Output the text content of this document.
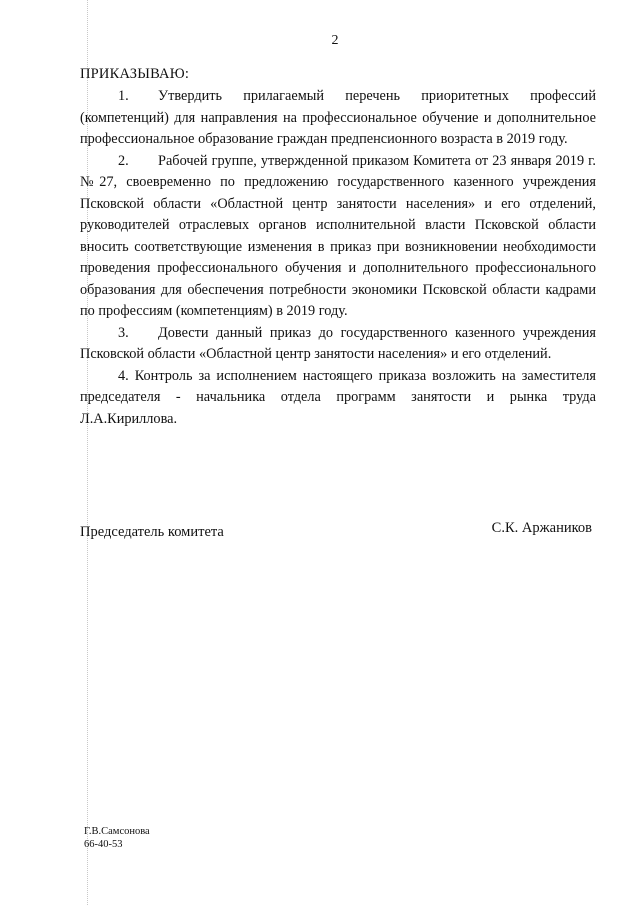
2
ПРИКАЗЫВАЮ:

1. Утвердить прилагаемый перечень приоритетных профессий (компетенций) для направления на профессиональное обучение и дополнительное профессиональное образование граждан предпенсионного возраста в 2019 году.

2. Рабочей группе, утвержденной приказом Комитета от 23 января 2019 г. №27, своевременно по предложению государственного казенного учреждения Псковской области «Областной центр занятости населения» и его отделений, руководителей отраслевых органов исполнительной власти Псковской области вносить соответствующие изменения в приказ при возникновении необходимости проведения профессионального обучения и дополнительного профессионального образования для обеспечения потребности экономики Псковской области кадрами по профессиям (компетенциям) в 2019 году.

3. Довести данный приказ до государственного казенного учреждения Псковской области «Областной центр занятости населения» и его отделений.

4. Контроль за исполнением настоящего приказа возложить на заместителя председателя - начальника отдела программ занятости и рынка труда Л.А.Кириллова.

Председатель комитета	С.К. Аржаников
Г.В.Самсонова
66-40-53
